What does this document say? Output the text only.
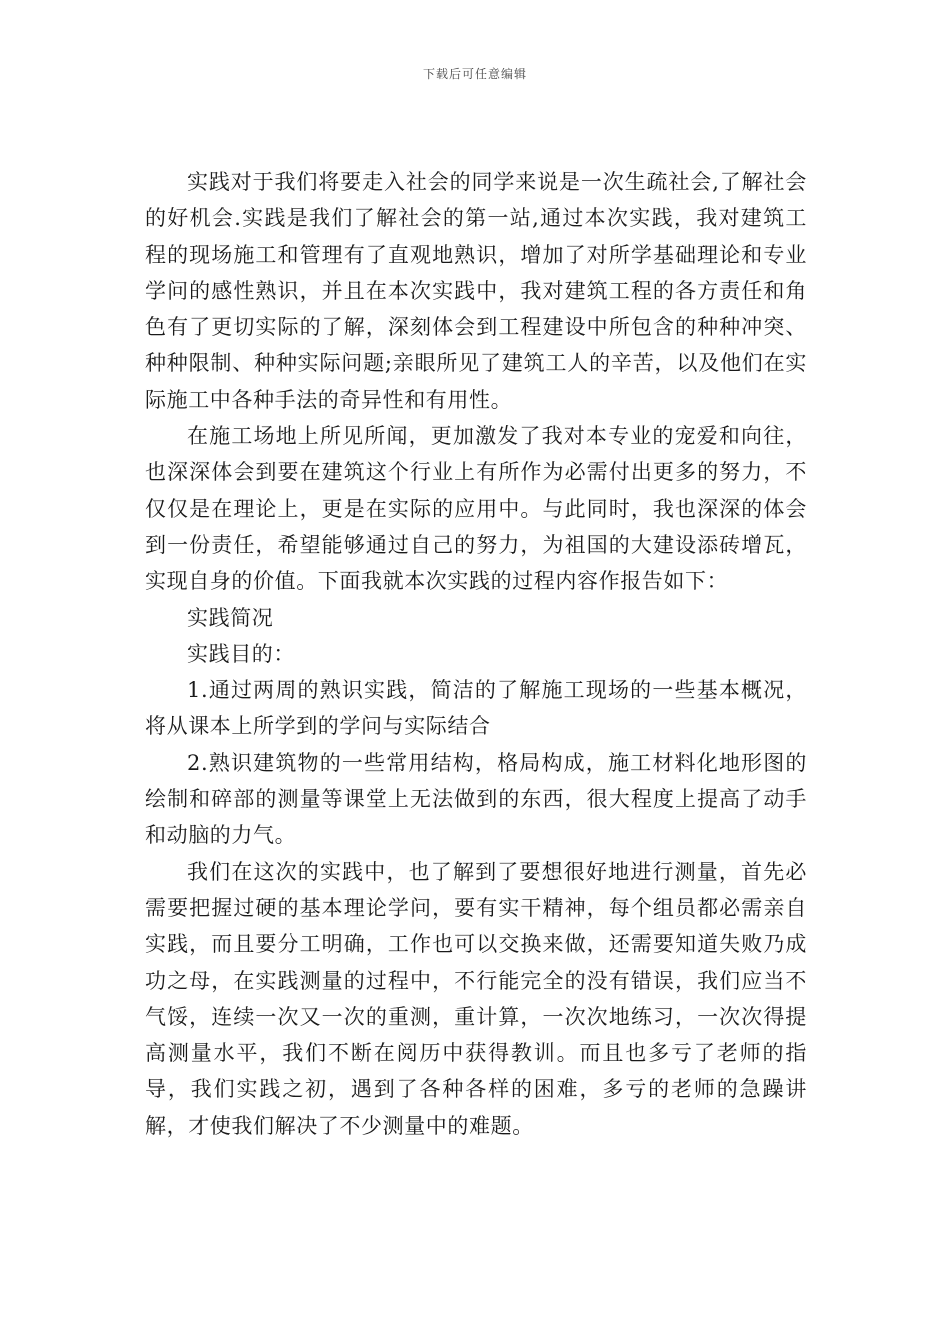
下载后可任意编辑

实践对于我们将要走入社会的同学来说是一次生疏社会,了解社会的好机会.实践是我们了解社会的第一站,通过本次实践，我对建筑工程的现场施工和管理有了直观地熟识，增加了对所学基础理论和专业学问的感性熟识，并且在本次实践中，我对建筑工程的各方责任和角色有了更切实际的了解，深刻体会到工程建设中所包含的种种冲突、种种限制、种种实际问题;亲眼所见了建筑工人的辛苦，以及他们在实际施工中各种手法的奇异性和有用性。

在施工场地上所见所闻，更加激发了我对本专业的宠爱和向往，也深深体会到要在建筑这个行业上有所作为必需付出更多的努力，不仅仅是在理论上，更是在实际的应用中。与此同时，我也深深的体会到一份责任，希望能够通过自己的努力，为祖国的大建设添砖增瓦，实现自身的价值。下面我就本次实践的过程内容作报告如下：

实践简况

实践目的：

1.通过两周的熟识实践，简洁的了解施工现场的一些基本概况，将从课本上所学到的学问与实际结合

2.熟识建筑物的一些常用结构，格局构成，施工材料化地形图的绘制和碎部的测量等课堂上无法做到的东西，很大程度上提高了动手和动脑的力气。

我们在这次的实践中，也了解到了要想很好地进行测量，首先必需要把握过硬的基本理论学问，要有实干精神，每个组员都必需亲自实践，而且要分工明确，工作也可以交换来做，还需要知道失败乃成功之母，在实践测量的过程中，不行能完全的没有错误，我们应当不气馁，连续一次又一次的重测，重计算，一次次地练习，一次次得提高测量水平，我们不断在阅历中获得教训。而且也多亏了老师的指导，我们实践之初，遇到了各种各样的困难，多亏的老师的急躁讲解，才使我们解决了不少测量中的难题。
